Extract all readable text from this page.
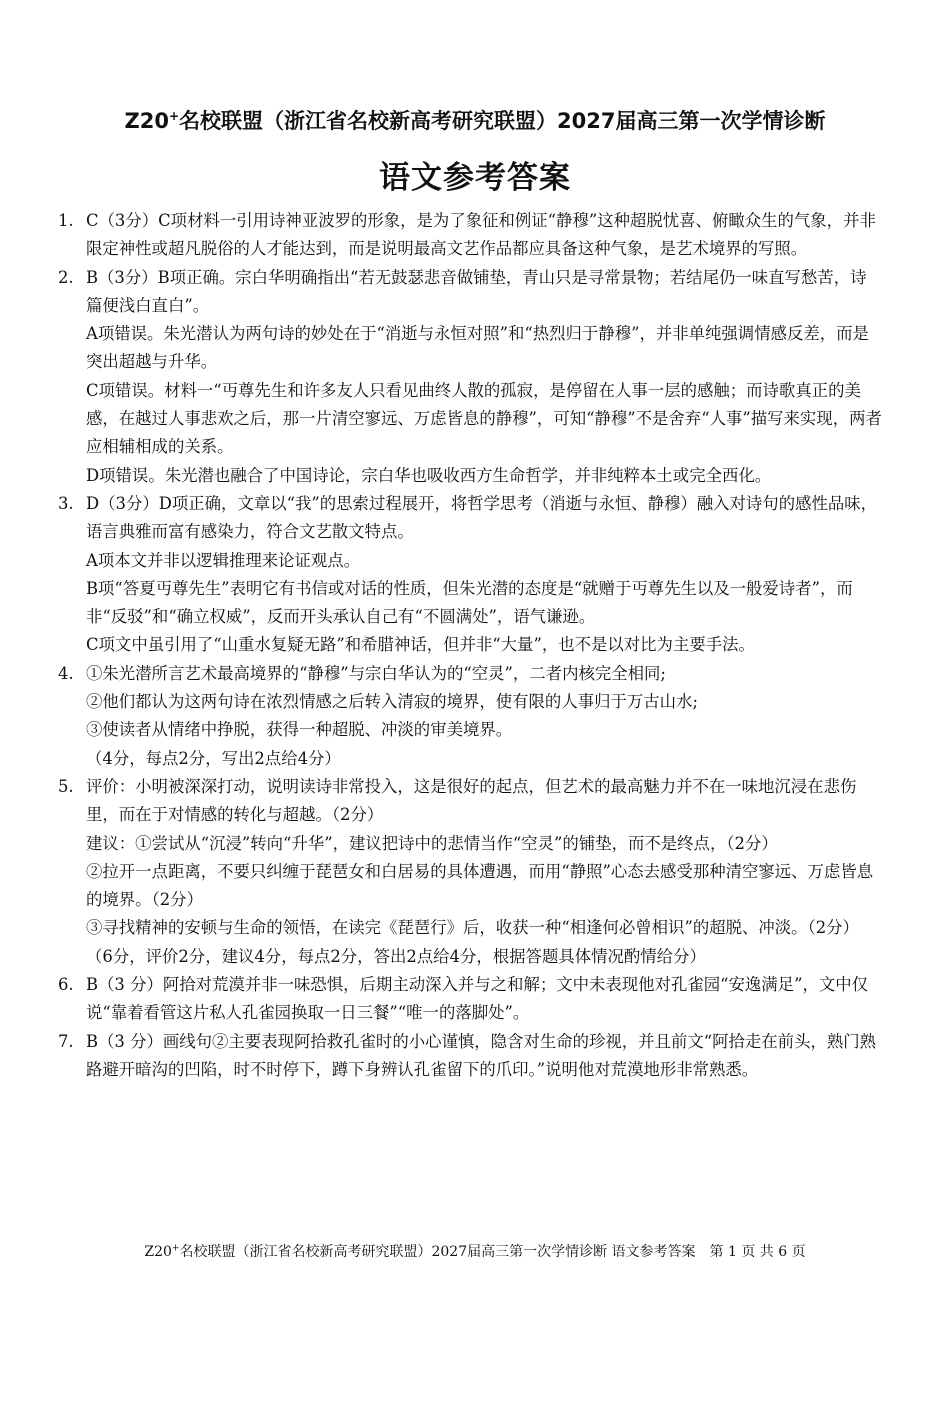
Z20+名校联盟（浙江省名校新高考研究联盟）2027届高三第一次学情诊断
语文参考答案
1. C（3分）C项材料一引用诗神亚波罗的形象，是为了象征和例证“静穆”这种超脱忧喜、俯瞰众生的气象，并非限定神性或超凡脱俗的人才能达到，而是说明最高文艺作品都应具备这种气象，是艺术境界的写照。
2. B（3分）B项正确。宗白华明确指出“若无鼓瑟悲音做铺垫，青山只是寻常景物；若结尾仍一味直写愁苦，诗篇便浅白直白”。
A项错误。朱光潜认为两句诗的妙处在于“消逝与永恒对照”和“热烈归于静穆”，并非单纯强调情感反差，而是突出超越与升华。
C项错误。材料一“丏尊先生和许多友人只看见曲终人散的孤寂，是停留在人事一层的感触；而诗歌真正的美感，在越过人事悲欢之后，那一片清空寥远、万虑皆息的静穆”，可知“静穆”不是舍弃“人事”描写来实现，两者应相辅相成的关系。
D项错误。朱光潜也融合了中国诗论，宗白华也吸收西方生命哲学，并非纯粹本土或完全西化。
3. D（3分）D项正确，文章以“我”的思索过程展开，将哲学思考（消逝与永恒、静穆）融入对诗句的感性品味，语言典雅而富有感染力，符合文艺散文特点。
A项本文并非以逻辑推理来论证观点。
B项“答夏丏尊先生”表明它有书信或对话的性质，但朱光潜的态度是“就赠于丏尊先生以及一般爱诗者”，而非“反驳”和“确立权威”，反而开头承认自己有“不圆满处”，语气谦逊。
C项文中虽引用了“山重水复疑无路”和希腊神话，但并非“大量”，也不是以对比为主要手法。
4. ①朱光潜所言艺术最高境界的“静穆”与宗白华认为的“空灵”，二者内核完全相同;
②他们都认为这两句诗在浓烈情感之后转入清寂的境界，使有限的人事归于万古山水;
③使读者从情绪中挣脱，获得一种超脱、冲淡的审美境界。
（4分，每点2分，写出2点给4分）
5. 评价：小明被深深打动，说明读诗非常投入，这是很好的起点，但艺术的最高魅力并不在一味地沉浸在悲伤里，而在于对情感的转化与超越。（2分）
建议：①尝试从“沉浸”转向“升华”，建议把诗中的悲情当作“空灵”的铺垫，而不是终点，（2分）
②拉开一点距离，不要只纠缠于琵琶女和白居易的具体遭遇，而用“静照”心态去感受那种清空寥远、万虑皆息的境界。（2分）
③寻找精神的安顿与生命的领悟，在读完《琵琶行》后，收获一种“相逢何必曾相识”的超脱、冲淡。（2分）
（6分，评价2分，建议4分，每点2分，答出2点给4分，根据答题具体情况酌情给分）
6. B（3 分）阿拾对荒漠并非一味恐惧，后期主动深入并与之和解；文中未表现他对孔雀园“安逸满足”，文中仅说“靠着看管这片私人孔雀园换取一日三餐”“唯一的落脚处”。
7. B（3 分）画线句②主要表现阿拾救孔雀时的小心谨慎，隐含对生命的珍视，并且前文“阿拾走在前头，熟门熟路避开暗沟的凹陷，时不时停下，蹲下身辨认孔雀留下的爪印。”说明他对荒漠地形非常熟悉。
Z20+名校联盟（浙江省名校新高考研究联盟）2027届高三第一次学情诊断 语文参考答案　第 1 页 共 6 页
